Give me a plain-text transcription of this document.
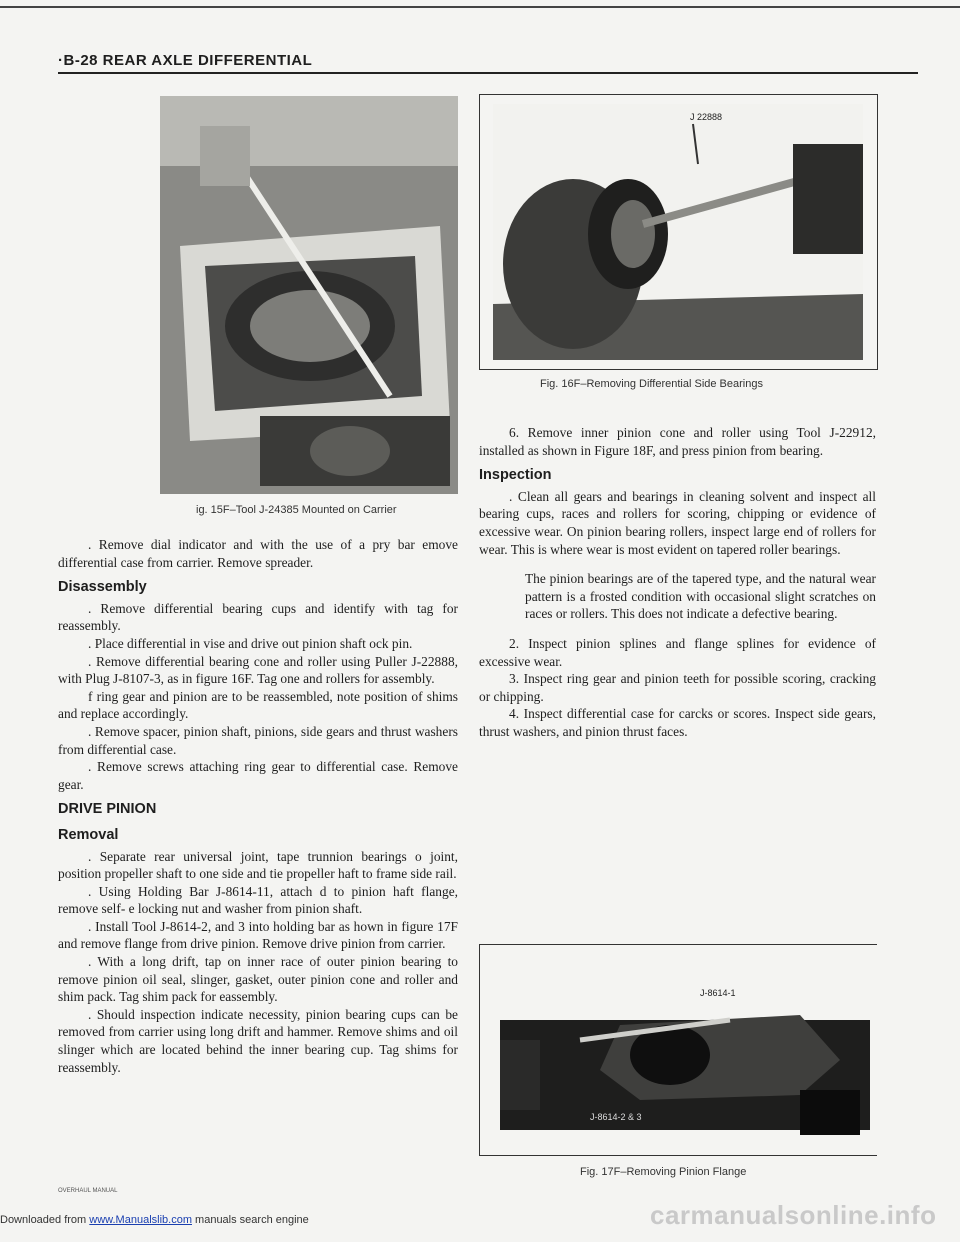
·B-28 REAR AXLE DIFFERENTIAL
ig. 15F–Tool J-24385 Mounted on Carrier
J 22888
Fig. 16F–Removing Differential Side Bearings

. Remove dial indicator and with the use of a pry bar emove differential case from carrier. Remove spreader.

Disassembly

. Remove differential bearing cups and identify with tag for reassembly.

. Place differential in vise and drive out pinion shaft ock pin.

. Remove differential bearing cone and roller using Puller J-22888, with Plug J-8107-3, as in figure 16F. Tag one and rollers for assembly.

f ring gear and pinion are to be reassembled, note position of shims and replace accordingly.

. Remove spacer, pinion shaft, pinions, side gears and thrust washers from differential case.

. Remove screws attaching ring gear to differential case. Remove gear.

DRIVE PINION

Removal

. Separate rear universal joint, tape trunnion bearings o joint, position propeller shaft to one side and tie propeller haft to frame side rail.

. Using Holding Bar J-8614-11, attach d to pinion haft flange, remove self- e locking nut and washer from pinion shaft.

. Install Tool J-8614-2, and 3 into holding bar as hown in figure 17F and remove flange from drive pinion. Remove drive pinion from carrier.

. With a long drift, tap on inner race of outer pinion bearing to remove pinion oil seal, slinger, gasket, outer pinion cone and roller and shim pack. Tag shim pack for eassembly.

. Should inspection indicate necessity, pinion bearing cups can be removed from carrier using long drift and hammer. Remove shims and oil slinger which are located behind the inner bearing cup. Tag shims for reassembly.

6. Remove inner pinion cone and roller using Tool J-22912, installed as shown in Figure 18F, and press pinion from bearing.

Inspection

. Clean all gears and bearings in cleaning solvent and inspect all bearing cups, races and rollers for scoring, chipping or evidence of excessive wear. On pinion bearing rollers, inspect large end of rollers for wear. This is where wear is most evident on tapered roller bearings.

The pinion bearings are of the tapered type, and the natural wear pattern is a frosted condition with occasional slight scratches on races or rollers. This does not indicate a defective bearing.

2. Inspect pinion splines and flange splines for evidence of excessive wear.

3. Inspect ring gear and pinion teeth for possible scoring, cracking or chipping.

4. Inspect differential case for carcks or scores. Inspect side gears, thrust washers, and pinion thrust faces.

J-8614-1
J-8614-2 & 3
Fig. 17F–Removing Pinion Flange
OVERHAUL MANUAL
carmanualsonline.info
Downloaded from www.Manualslib.com manuals search engine
